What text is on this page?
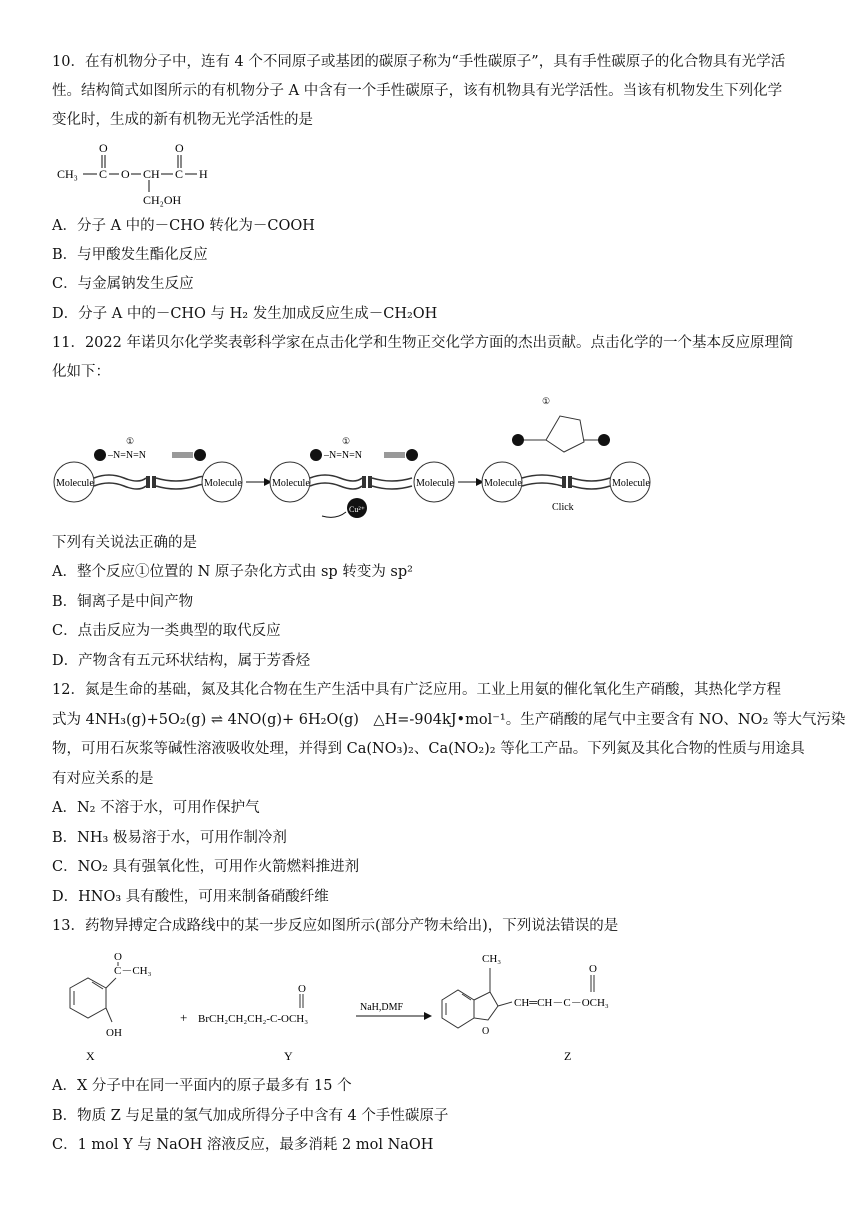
10．在有机物分子中，连有 4 个不同原子或基团的碳原子称为“手性碳原子”，具有手性碳原子的化合物具有光学活
性。结构简式如图所示的有机物分子 A 中含有一个手性碳原子，该有机物具有光学活性。当该有机物发生下列化学
变化时，生成的新有机物无光学活性的是
O
CH₃ C O CH
O
C H
CH₂OH
A．分子 A 中的－CHO 转化为－COOH
B．与甲酸发生酯化反应
C．与金属钠发生反应
D．分子 A 中的－CHO 与 H₂ 发生加成反应生成－CH₂OH
11．2022 年诺贝尔化学奖表彰科学家在点击化学和生物正交化学方面的杰出贡献。点击化学的一个基本反应原理简
化如下：
Molecule	Molecule
–N=N=N
①
Molecule	Molecule
–N=N=N
①
Cu²⁺
Molecule	Molecule
Click
①
下列有关说法正确的是
A．整个反应①位置的 N 原子杂化方式由 sp 转变为 sp²
B．铜离子是中间产物
C．点击反应为一类典型的取代反应
D．产物含有五元环状结构，属于芳香烃
12．氮是生命的基础，氮及其化合物在生产生活中具有广泛应用。工业上用氨的催化氧化生产硝酸，其热化学方程
式为 4NH₃(g)+5O₂(g) ⇌ 4NO(g)+ 6H₂O(g)　△H=-904kJ•mol⁻¹。生产硝酸的尾气中主要含有 NO、NO₂ 等大气污染
物，可用石灰浆等碱性溶液吸收处理，并得到 Ca(NO₃)₂、Ca(NO₂)₂ 等化工产品。下列氮及其化合物的性质与用途具
有对应关系的是
A．N₂ 不溶于水，可用作保护气
B．NH₃ 极易溶于水，可用作制冷剂
C．NO₂ 具有强氧化性，可用作火箭燃料推进剂
D．HNO₃ 具有酸性，可用来制备硝酸纤维
13．药物异搏定合成路线中的某一步反应如图所示(部分产物未给出)，下列说法错误的是
C－CH₃
O
OH
X
+
O
BrCH₂CH₂CH₂-C-OCH₃
Y
NaH,DMF
O
CH₃
CH═CH－C－OCH₃
O
Z
A．X 分子中在同一平面内的原子最多有 15 个
B．物质 Z 与足量的氢气加成所得分子中含有 4 个手性碳原子
C．1 mol Y 与 NaOH 溶液反应，最多消耗 2 mol NaOH
